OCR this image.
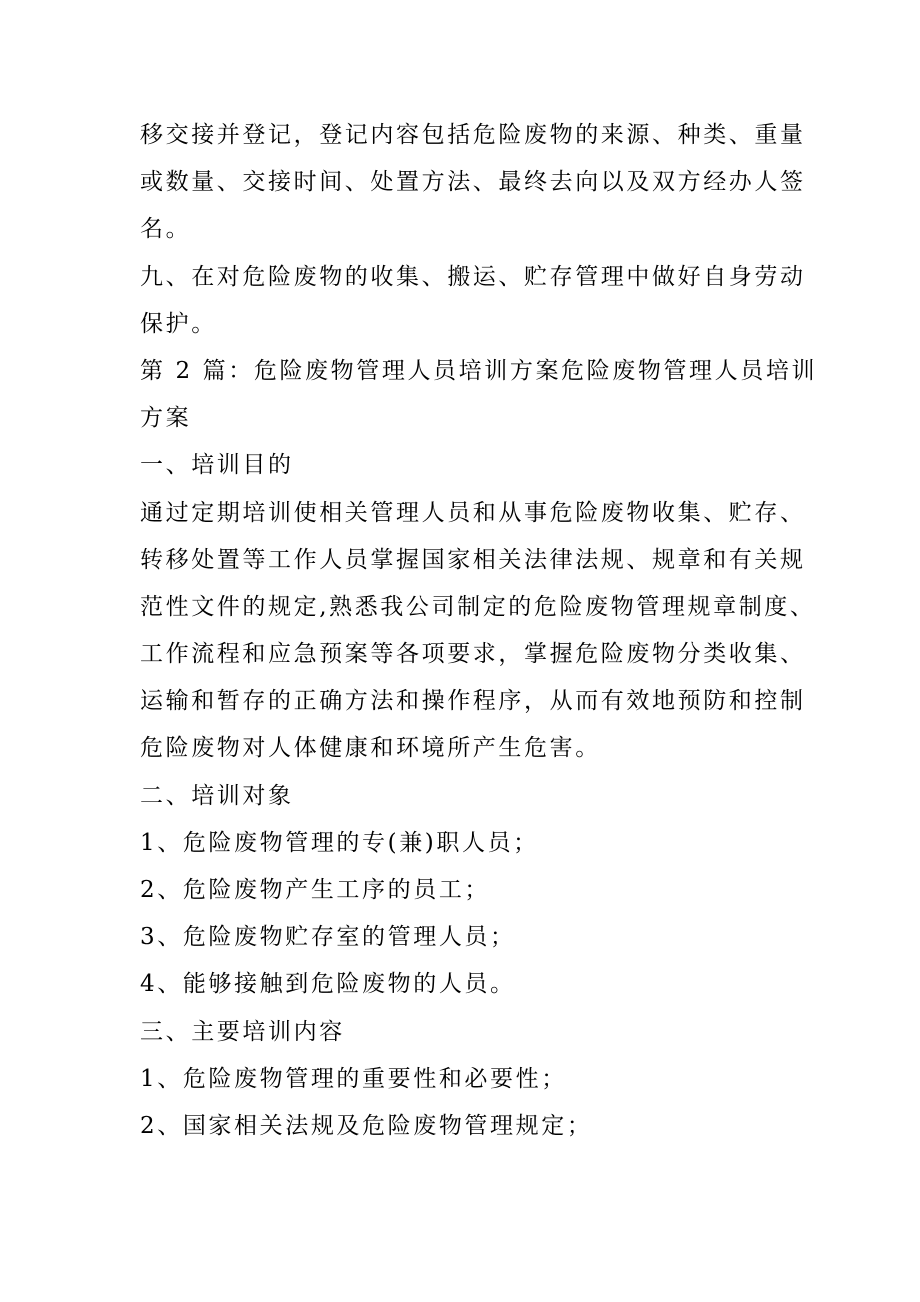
移交接并登记，登记内容包括危险废物的来源、种类、重量

或数量、交接时间、处置方法、最终去向以及双方经办人签

名。

九、在对危险废物的收集、搬运、贮存管理中做好自身劳动

保护。

第 2 篇：危险废物管理人员培训方案危险废物管理人员培训

方案

一、培训目的

通过定期培训使相关管理人员和从事危险废物收集、贮存、

转移处置等工作人员掌握国家相关法律法规、规章和有关规

范性文件的规定,熟悉我公司制定的危险废物管理规章制度、

工作流程和应急预案等各项要求，掌握危险废物分类收集、

运输和暂存的正确方法和操作程序，从而有效地预防和控制

危险废物对人体健康和环境所产生危害。

二、培训对象

1、危险废物管理的专(兼)职人员；

2、危险废物产生工序的员工；

3、危险废物贮存室的管理人员；

4、能够接触到危险废物的人员。

三、主要培训内容

1、危险废物管理的重要性和必要性；

2、国家相关法规及危险废物管理规定；
